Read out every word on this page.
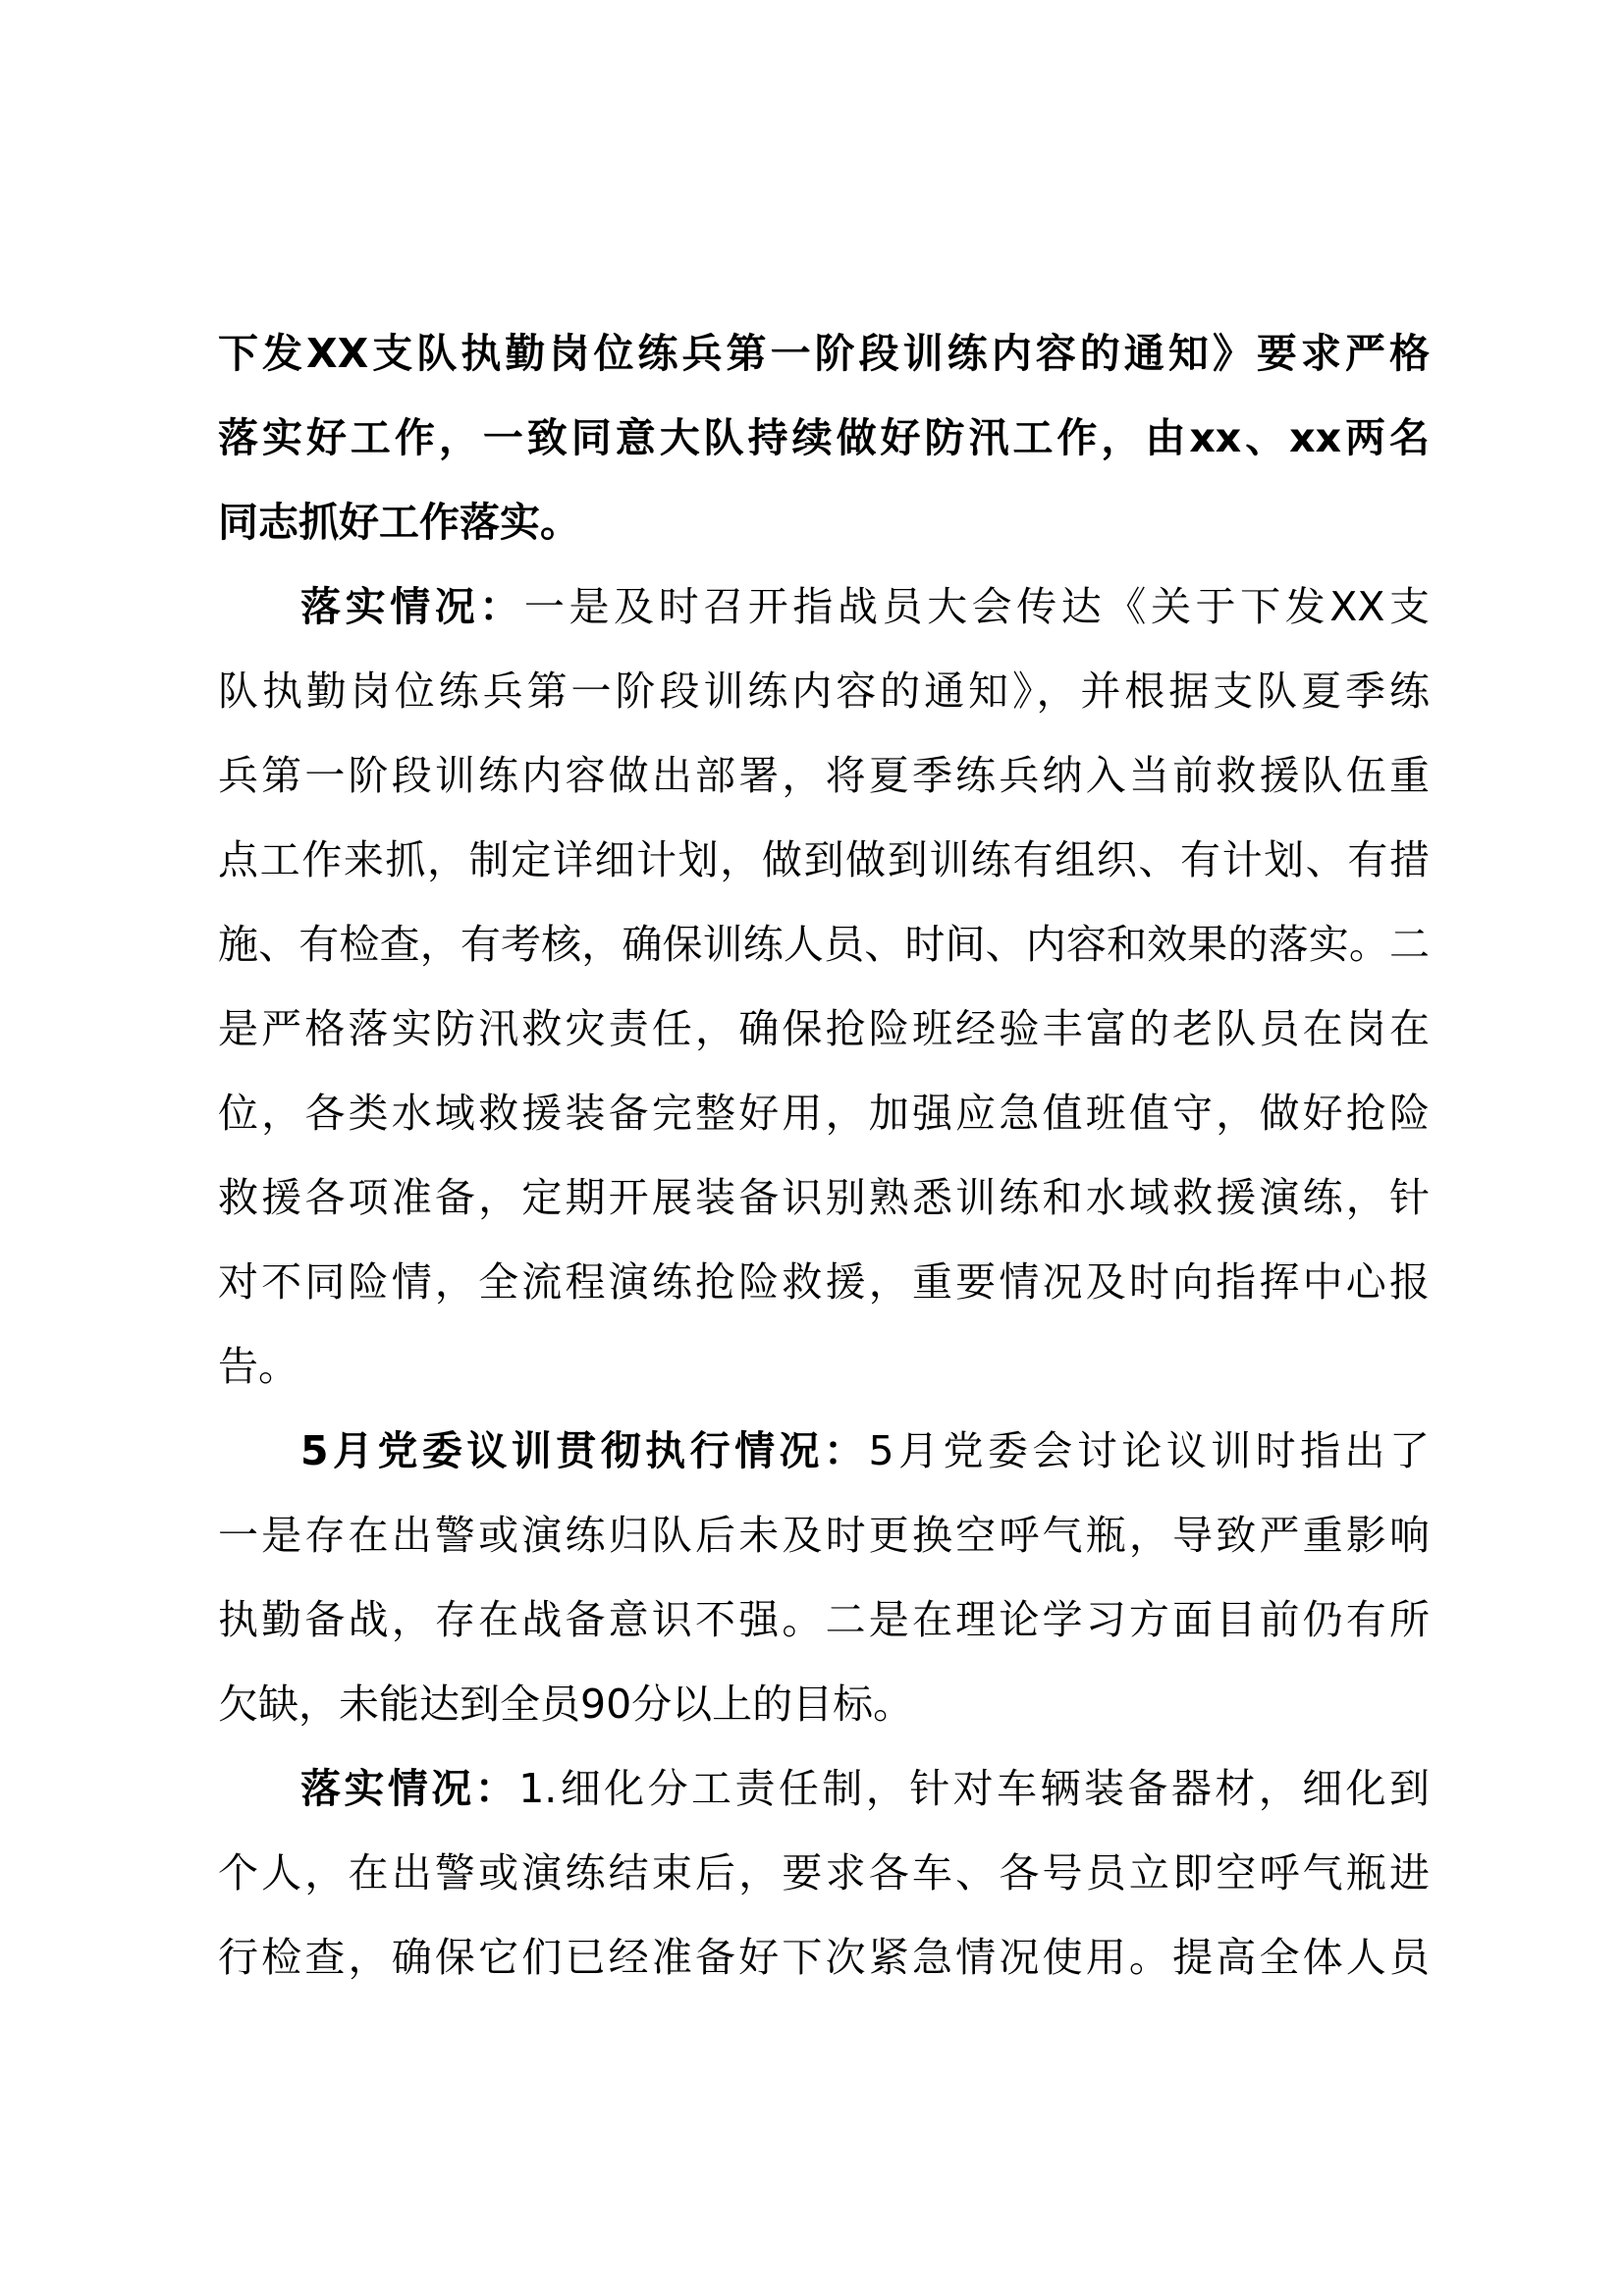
下发XX支队执勤岗位练兵第一阶段训练内容的通知》要求严格
落实好工作，一致同意大队持续做好防汛工作，由xx、xx两名
同志抓好工作落实。
落实情况：一是及时召开指战员大会传达《关于下发XX支
队执勤岗位练兵第一阶段训练内容的通知》，并根据支队夏季练
兵第一阶段训练内容做出部署，将夏季练兵纳入当前救援队伍重
点工作来抓，制定详细计划，做到做到训练有组织、有计划、有措
施、有检查，有考核，确保训练人员、时间、内容和效果的落实。二
是严格落实防汛救灾责任，确保抢险班经验丰富的老队员在岗在
位，各类水域救援装备完整好用，加强应急值班值守，做好抢险
救援各项准备，定期开展装备识别熟悉训练和水域救援演练，针
对不同险情，全流程演练抢险救援，重要情况及时向指挥中心报
告。
5月党委议训贯彻执行情况：5月党委会讨论议训时指出了
一是存在出警或演练归队后未及时更换空呼气瓶，导致严重影响
执勤备战，存在战备意识不强。二是在理论学习方面目前仍有所
欠缺，未能达到全员90分以上的目标。
落实情况：1.细化分工责任制，针对车辆装备器材，细化到
个人，在出警或演练结束后，要求各车、各号员立即空呼气瓶进
行检查，确保它们已经准备好下次紧急情况使用。提高全体人员
